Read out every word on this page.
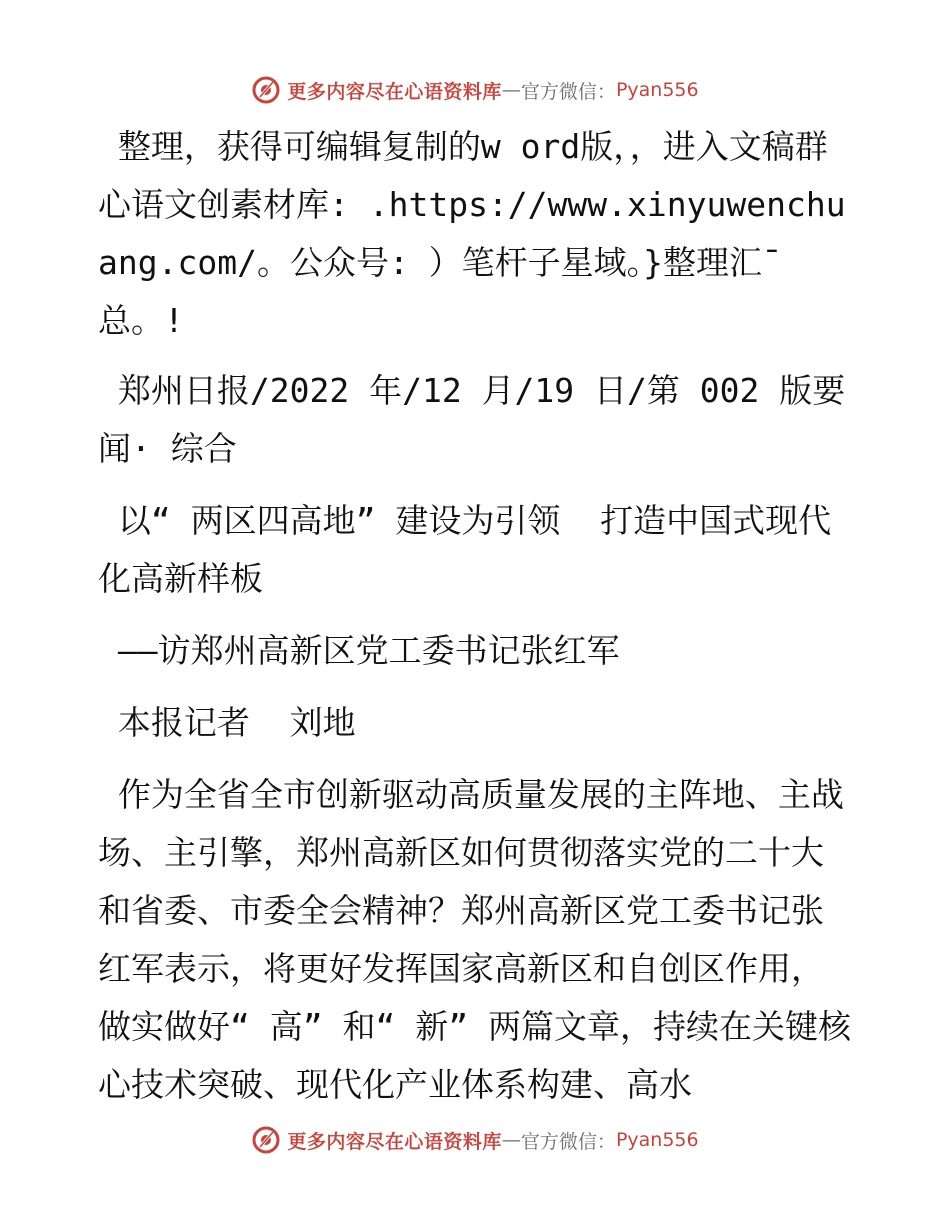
更多内容尽在心语资料库 — 官方微信： Pyan556

整理，获得可编辑复制的w ord版，，进入文稿群心语文创素材库: .https://www.xinyuwenchuang.com/。公众号: ）笔杆子星域。}整理汇¯总。!

郑州日报/2022 年/12 月/19 日/第 002 版要闻· 综合

以“ 两区四高地” 建设为引领  打造中国式现代化高新样板

——访郑州高新区党工委书记张红军

本报记者  刘地

作为全省全市创新驱动高质量发展的主阵地、主战场、主引擎，郑州高新区如何贯彻落实党的二十大和省委、市委全会精神？郑州高新区党工委书记张红军表示，将更好发挥国家高新区和自创区作用，做实做好“ 高” 和“ 新” 两篇文章，持续在关键核心技术突破、现代化产业体系构建、高水

更多内容尽在心语资料库 — 官方微信： Pyan556
